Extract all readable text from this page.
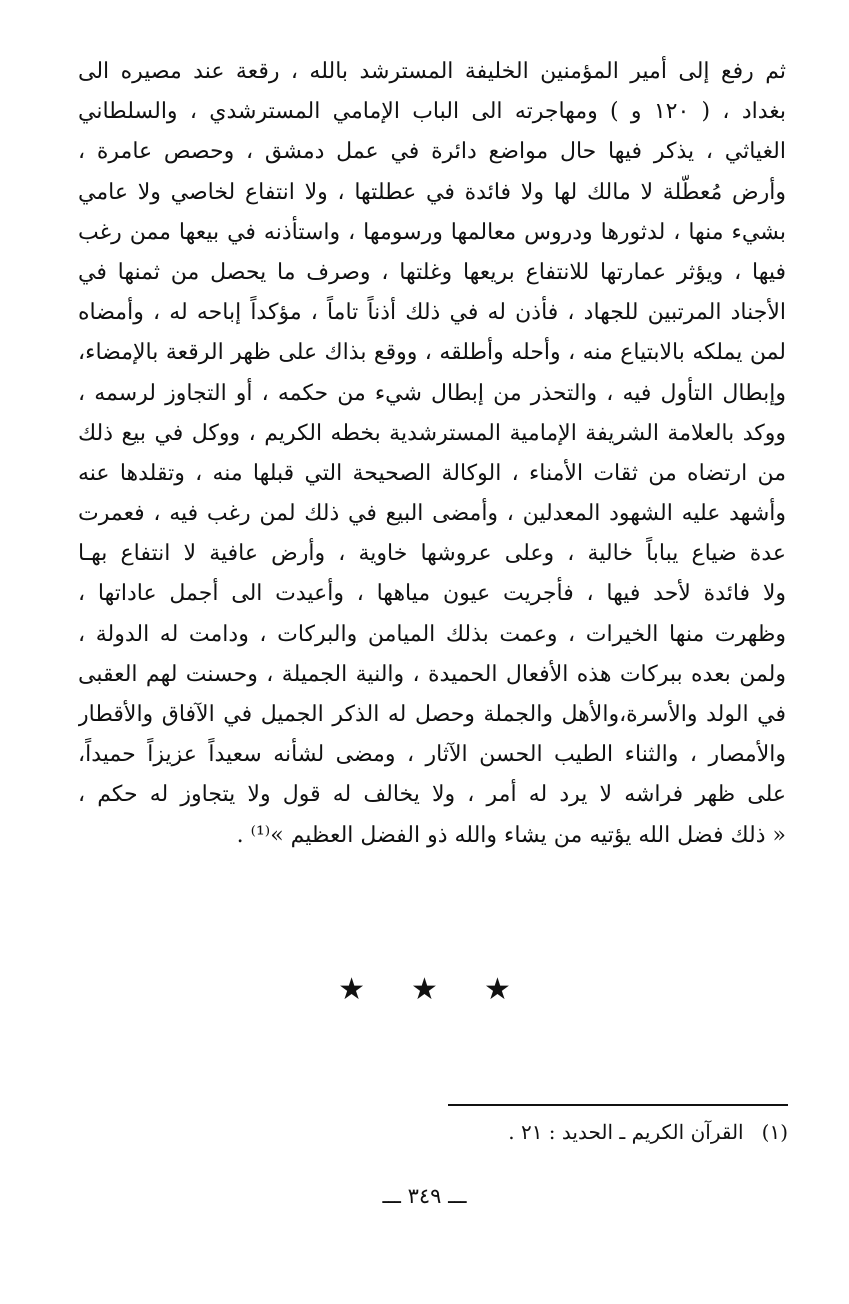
ثم رفع إلى أمير المؤمنين الخليفة المسترشد بالله ، رقعة عند مصيره الى
بغداد ، ( ١٢٠ و ) ومهاجرته الى الباب الإمامي المسترشدي ، والسلطاني
الغياثي ، يذكر فيها حال مواضع دائرة في عمل دمشق ، وحصص عامرة ،
وأرض مُعطّلة لا مالك لها ولا فائدة في عطلتها ، ولا انتفاع لخاصي ولا عامي
بشيء منها ، لدثورها ودروس معالمها ورسومها ، واستأذنه في بيعها ممن رغب
فيها ، ويؤثر عمارتها للانتفاع بريعها وغلتها ، وصرف ما يحصل من ثمنها في
الأجناد المرتبين للجهاد ، فأذن له في ذلك أذناً تاماً ، مؤكداً إباحه له ، وأمضاه
لمن يملكه بالابتياع منه ، وأحله وأطلقه ، ووقع بذاك على ظهر الرقعة بالإمضاء،
وإبطال التأول فيه ، والتحذر من إبطال شيء من حكمه ، أو التجاوز لرسمه ،
ووكد بالعلامة الشريفة الإمامية المسترشدية بخطه الكريم ، ووكل في بيع ذلك
من ارتضاه من ثقات الأمناء ، الوكالة الصحيحة التي قبلها منه ، وتقلدها عنه
وأشهد عليه الشهود المعدلين ، وأمضى البيع في ذلك لمن رغب فيه ، فعمرت
عدة ضياع يباباً خالية ، وعلى عروشها خاوية ، وأرض عافية لا انتفاع بهـا
ولا فائدة لأحد فيها ، فأجريت عيون مياهها ، وأعيدت الى أجمل عاداتها ،
وظهرت منها الخيرات ، وعمت بذلك الميامن والبركات ، ودامت له الدولة ،
ولمن بعده ببركات هذه الأفعال الحميدة ، والنية الجميلة ، وحسنت لهم العقبى
في الولد والأسرة،والأهل والجملة وحصل له الذكر الجميل في الآفاق والأقطار
والأمصار ، والثناء الطيب الحسن الآثار ، ومضى لشأنه سعيداً عزيزاً حميداً،
على ظهر فراشه لا يرد له أمر ، ولا يخالف له قول ولا يتجاوز له حكم ،
« ذلك فضل الله يؤتيه من يشاء والله ذو الفضل العظيم »⁽¹⁾ .
★★★
(١)القرآن الكريم ـ الحديد : ٢١ .
ـــ ٣٤٩ ـــ
